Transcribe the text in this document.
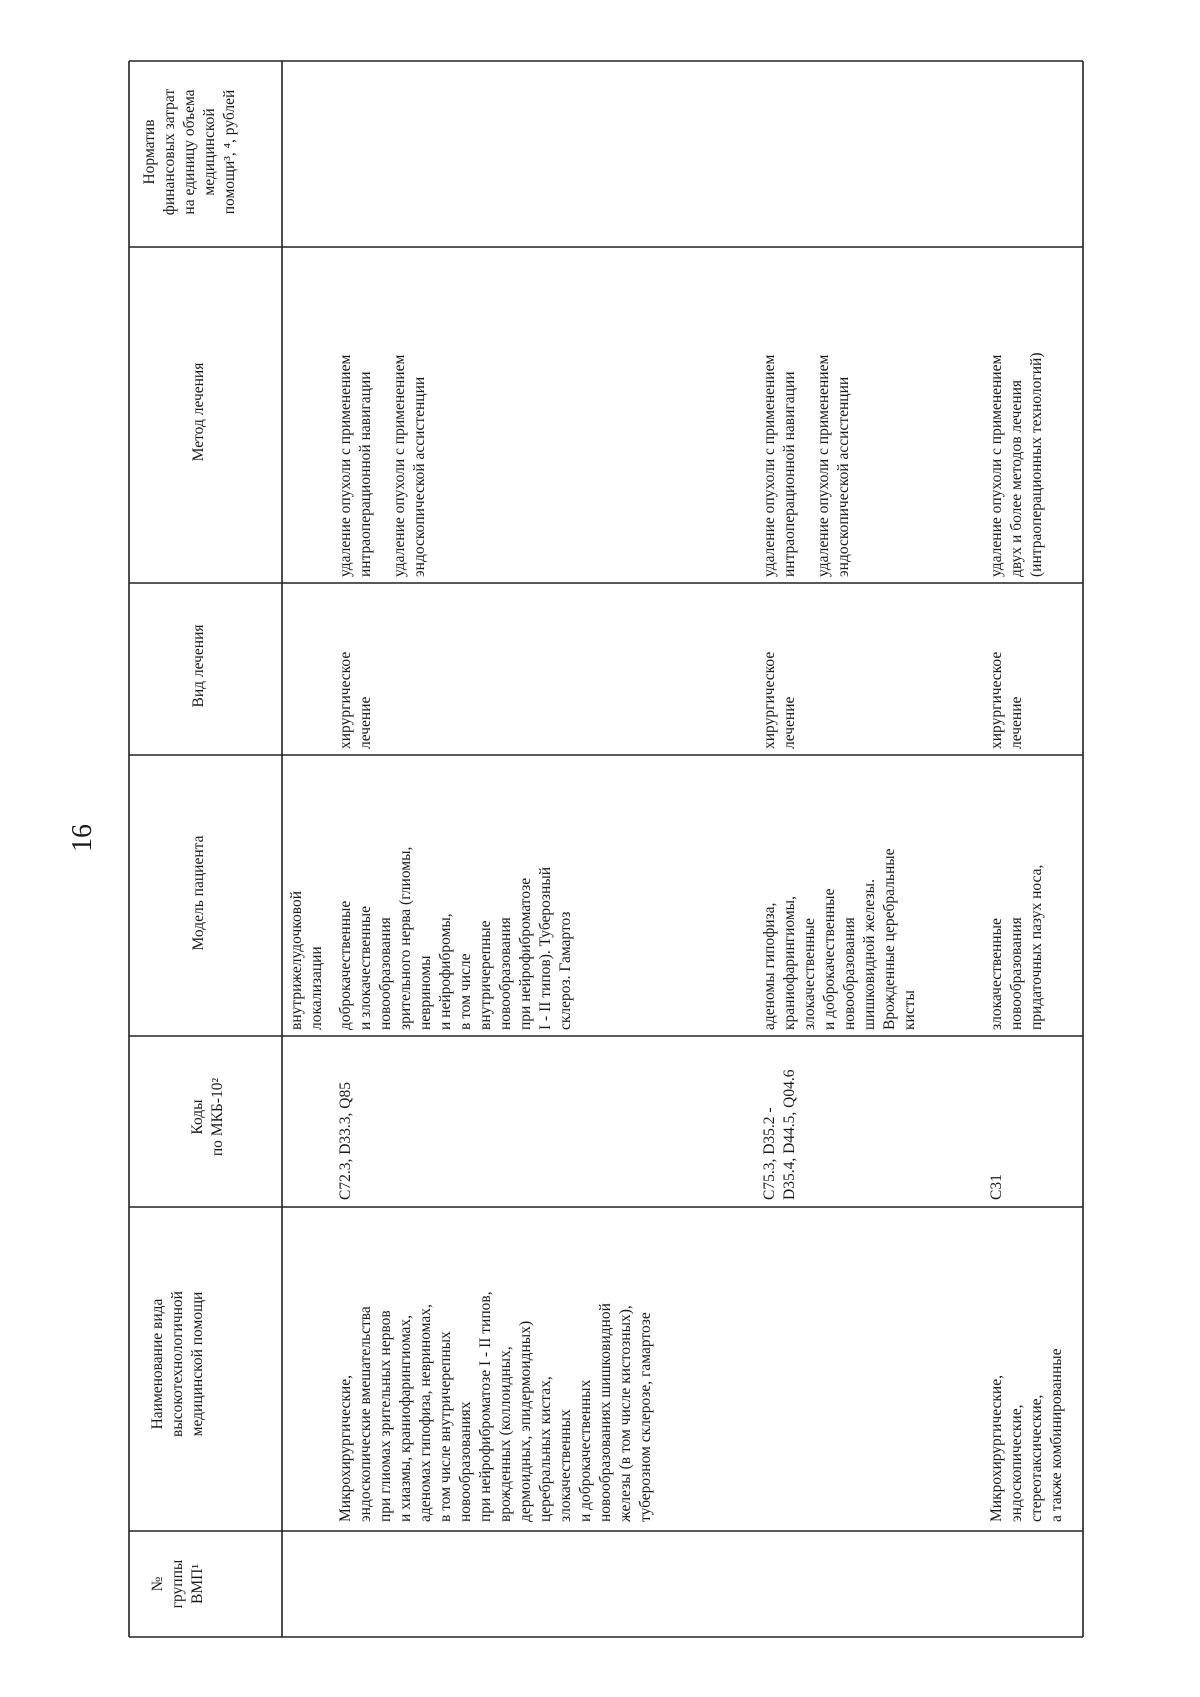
16
№ группы ВМП¹
Наименование вида высокотехнологичной медицинской помощи
Коды по МКБ-10²
Модель пациента
Вид лечения
Метод лечения
Норматив финансовых затрат на единицу объема медицинской помощи³, ⁴, рублей
внутрижелудочковой локализации
Микрохирургические, эндоскопические вмешательства при глиомах зрительных нервов и хиазмы, краниофарингиомах, аденомах гипофиза, невриномах, в том числе внутричерепных новообразованиях при нейрофиброматозе I - II типов, врожденных (коллоидных, дермоидных, эпидермоидных) церебральных кистах, злокачественных и доброкачественных новообразованиях шишковидной железы (в том числе кистозных), туберозном склерозе, гамартозе
C72.3, D33.3, Q85
доброкачественные и злокачественные новообразования зрительного нерва (глиомы, невриномы и нейрофибромы, в том числе внутричерепные новообразования при нейрофиброматозе I - II типов). Туберозный склероз. Гамартоз
хирургическое лечение
удаление опухоли с применением интраоперационной навигации удаление опухоли с применением эндоскопической ассистенции
C75.3, D35.2 - D35.4, D44.5, Q04.6
аденомы гипофиза, краниофарингиомы, злокачественные и доброкачественные новообразования шишковидной железы. Врожденные церебральные кисты
хирургическое лечение
удаление опухоли с применением интраоперационной навигации удаление опухоли с применением эндоскопической ассистенции
Микрохирургические, эндоскопические, стереотаксические, а также комбинированные
C31
злокачественные новообразования придаточных пазух носа,
хирургическое лечение
удаление опухоли с применением двух и более методов лечения (интраоперационных технологий)
